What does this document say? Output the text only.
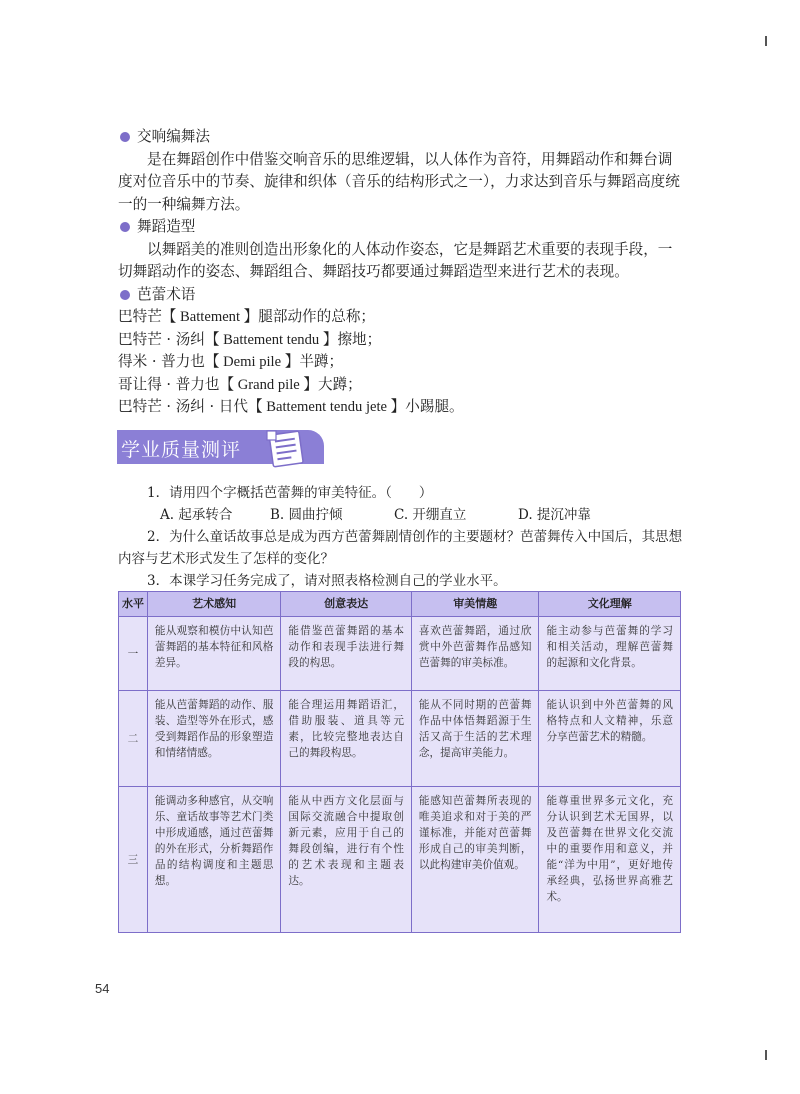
交响编舞法

是在舞蹈创作中借鉴交响音乐的思维逻辑，以人体作为音符，用舞蹈动作和舞台调度对位音乐中的节奏、旋律和织体（音乐的结构形式之一），力求达到音乐与舞蹈高度统一的一种编舞方法。

舞蹈造型

以舞蹈美的准则创造出形象化的人体动作姿态，它是舞蹈艺术重要的表现手段，一切舞蹈动作的姿态、舞蹈组合、舞蹈技巧都要通过舞蹈造型来进行艺术的表现。

芭蕾术语

巴特芒【 Battement 】腿部动作的总称；

巴特芒 · 汤纠【 Battement tendu 】擦地；

得米 · 普力也【 Demi pile 】半蹲；

哥让得 · 普力也【 Grand pile 】大蹲；

巴特芒 · 汤纠 · 日代【 Battement tendu jete 】小踢腿。

学业质量测评

1．请用四个字概括芭蕾舞的审美特征。（　　）

A. 起承转合	B. 圆曲拧倾	C. 开绷直立	D. 提沉冲靠

2．为什么童话故事总是成为西方芭蕾舞剧情创作的主要题材？芭蕾舞传入中国后，其思想内容与艺术形式发生了怎样的变化？

3．本课学习任务完成了，请对照表格检测自己的学业水平。

水平	艺术感知	创意表达	审美情趣	文化理解
一	能从观察和模仿中认知芭蕾舞蹈的基本特征和风格差异。	能借鉴芭蕾舞蹈的基本动作和表现手法进行舞段的构思。	喜欢芭蕾舞蹈，通过欣赏中外芭蕾舞作品感知芭蕾舞的审美标准。	能主动参与芭蕾舞的学习和相关活动，理解芭蕾舞的起源和文化背景。
二	能从芭蕾舞蹈的动作、服装、造型等外在形式，感受到舞蹈作品的形象塑造和情绪情感。	能合理运用舞蹈语汇，借助服装、道具等元素，比较完整地表达自己的舞段构思。	能从不同时期的芭蕾舞作品中体悟舞蹈源于生活又高于生活的艺术理念，提高审美能力。	能认识到中外芭蕾舞的风格特点和人文精神，乐意分享芭蕾艺术的精髓。
三	能调动多种感官，从交响乐、童话故事等艺术门类中形成通感，通过芭蕾舞的外在形式，分析舞蹈作品的结构调度和主题思想。	能从中西方文化层面与国际交流融合中提取创新元素，应用于自己的舞段创编，进行有个性的艺术表现和主题表达。	能感知芭蕾舞所表现的唯美追求和对于美的严谨标准，并能对芭蕾舞形成自己的审美判断，以此构建审美价值观。	能尊重世界多元文化，充分认识到艺术无国界，以及芭蕾舞在世界文化交流中的重要作用和意义，并能“洋为中用”，更好地传承经典，弘扬世界高雅艺术。
54
